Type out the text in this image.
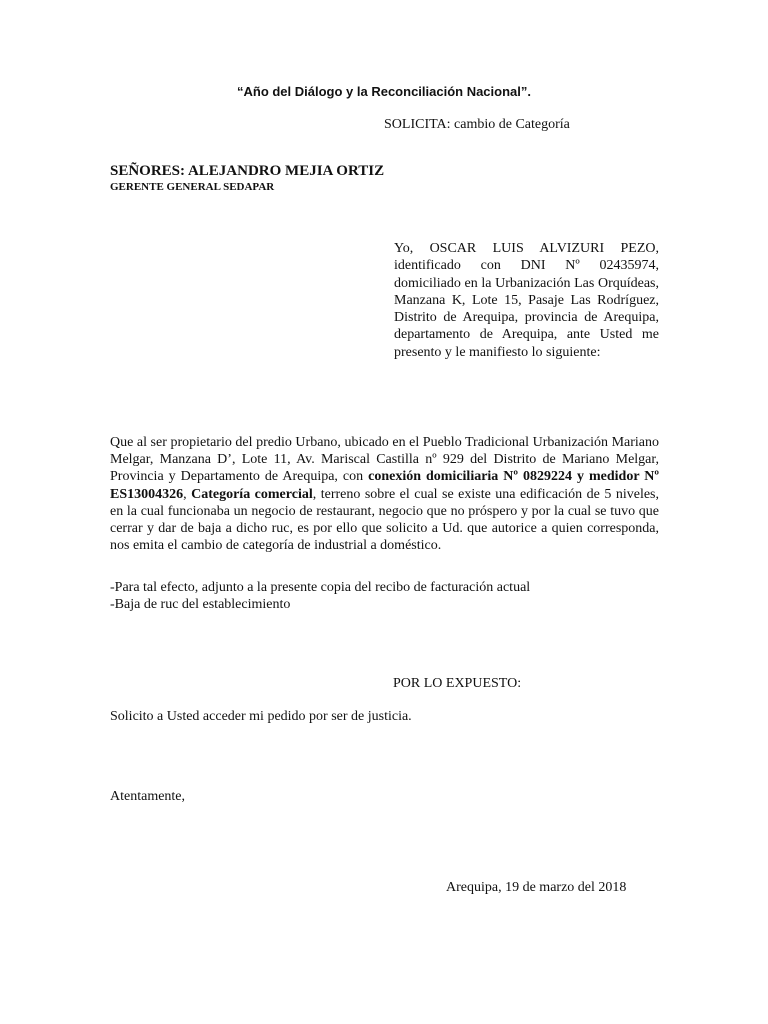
“Año del Diálogo y la Reconciliación Nacional”.
SOLICITA: cambio de Categoría
SEÑORES: ALEJANDRO MEJIA ORTIZ
GERENTE GENERAL SEDAPAR
Yo, OSCAR LUIS ALVIZURI PEZO, identificado con DNI Nº 02435974, domiciliado en la Urbanización Las Orquídeas, Manzana K, Lote 15, Pasaje Las Rodríguez, Distrito de Arequipa, provincia de Arequipa, departamento de Arequipa, ante Usted me presento y le manifiesto lo siguiente:
Que al ser propietario del predio Urbano, ubicado en el Pueblo Tradicional Urbanización Mariano Melgar, Manzana D’, Lote 11, Av. Mariscal Castilla nº 929 del Distrito de Mariano Melgar, Provincia y Departamento de Arequipa, con conexión domiciliaria Nº 0829224 y medidor Nº ES13004326, Categoría comercial, terreno sobre el cual se existe una edificación de 5 niveles, en la cual funcionaba un negocio de restaurant, negocio que no próspero y por la cual se tuvo que cerrar y dar de baja a dicho ruc, es por ello que solicito a Ud. que autorice a quien corresponda, nos emita el cambio de categoría de industrial a doméstico.
-Para tal efecto, adjunto a la presente copia del recibo de facturación actual
-Baja de ruc del establecimiento
POR LO EXPUESTO:
Solicito a Usted acceder mi pedido por ser de justicia.
Atentamente,
Arequipa, 19 de marzo del 2018
